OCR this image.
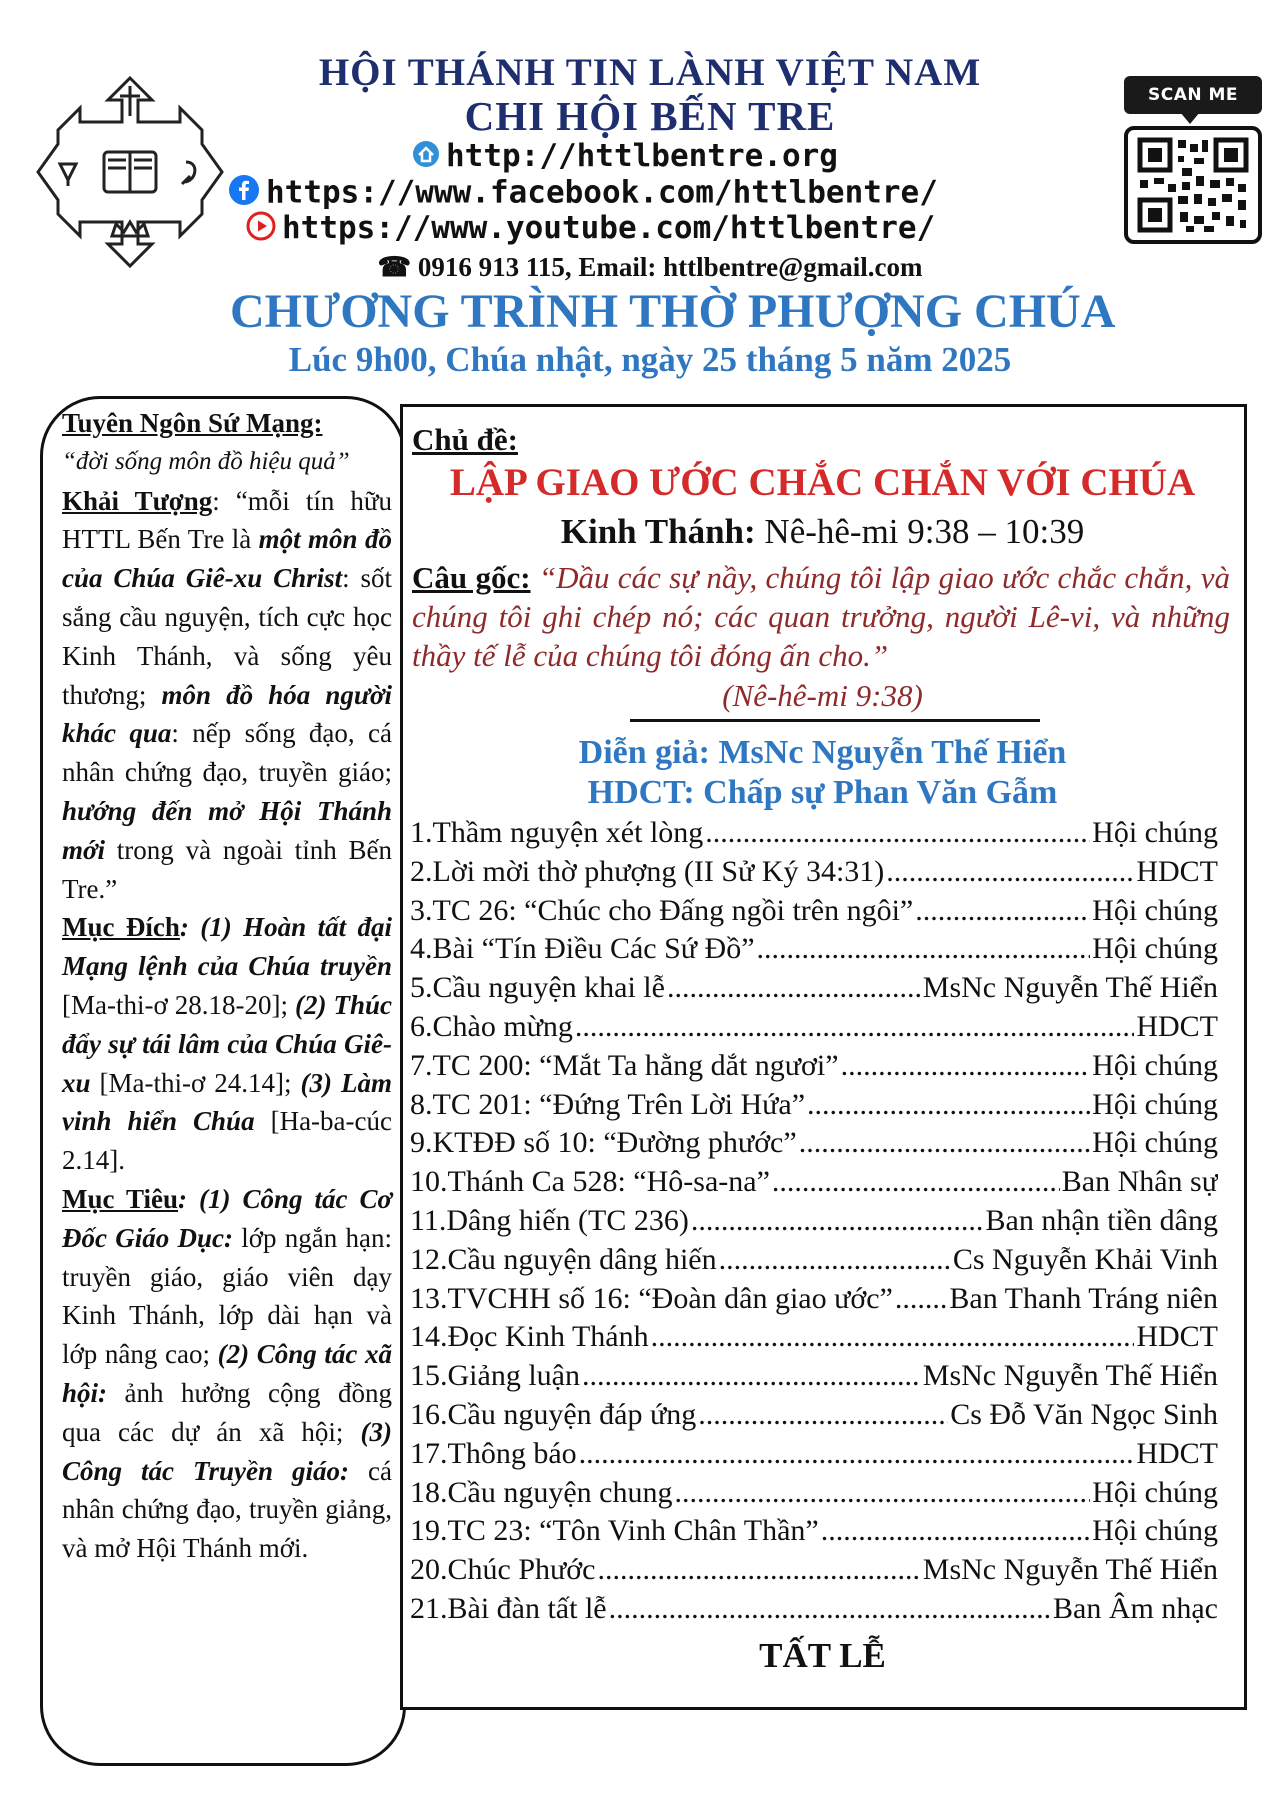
SCAN ME
HỘI THÁNH TIN LÀNH VIỆT NAM
CHI HỘI BẾN TRE
http://httlbentre.org
https://www.facebook.com/httlbentre/
https://www.youtube.com/httlbentre/
☎ 0916 913 115, Email: httlbentre@gmail.com
CHƯƠNG TRÌNH THỜ PHƯỢNG CHÚA
Lúc 9h00, Chúa nhật, ngày 25 tháng 5 năm 2025

Tuyên Ngôn Sứ Mạng:

“đời sống môn đồ hiệu quả”

Khải Tượng: “mỗi tín hữu HTTL Bến Tre là một môn đồ của Chúa Giê-xu Christ: sốt sắng cầu nguyện, tích cực học Kinh Thánh, và sống yêu thương; môn đồ hóa người khác qua: nếp sống đạo, cá nhân chứng đạo, truyền giáo; hướng đến mở Hội Thánh mới trong và ngoài tỉnh Bến Tre.”

Mục Đích: (1) Hoàn tất đại Mạng lệnh của Chúa truyền [Ma-thi-ơ 28.18-20]; (2) Thúc đẩy sự tái lâm của Chúa Giê-xu [Ma-thi-ơ 24.14]; (3) Làm vinh hiển Chúa [Ha-ba-cúc 2.14].

Mục Tiêu: (1) Công tác Cơ Đốc Giáo Dục: lớp ngắn hạn: truyền giáo, giáo viên dạy Kinh Thánh, lớp dài hạn và lớp nâng cao; (2) Công tác xã hội: ảnh hưởng cộng đồng qua các dự án xã hội; (3) Công tác Truyền giáo: cá nhân chứng đạo, truyền giảng, và mở Hội Thánh mới.

Chủ đề:
LẬP GIAO ƯỚC CHẮC CHẮN VỚI CHÚA
Kinh Thánh: Nê-hê-mi 9:38 – 10:39
Câu gốc: “Dầu các sự nầy, chúng tôi lập giao ước chắc chắn, và chúng tôi ghi chép nó; các quan trưởng, người Lê-vi, và những thầy tế lễ của chúng tôi đóng ấn cho.”
(Nê-hê-mi 9:38)
Diễn giả: MsNc Nguyễn Thế Hiển
HDCT: Chấp sự Phan Văn Gẫm
1. Thầm nguyện xét lòng .....	Hội chúng
2. Lời mời thờ phượng (II Sử Ký 34:31) .....	HDCT
3. TC 26: “Chúc cho Đấng ngồi trên ngôi” .....	Hội chúng
4. Bài “Tín Điều Các Sứ Đồ” .....	Hội chúng
5. Cầu nguyện khai lễ .....	MsNc Nguyễn Thế Hiển
6. Chào mừng .....	HDCT
7. TC 200: “Mắt Ta hằng dắt ngươi” .....	Hội chúng
8. TC 201: “Đứng Trên Lời Hứa” .....	Hội chúng
9. KTĐĐ số 10: “Đường phước” .....	Hội chúng
10. Thánh Ca 528: “Hô-sa-na” .....	Ban Nhân sự
11. Dâng hiến (TC 236) .....	Ban nhận tiền dâng
12. Cầu nguyện dâng hiến .....	Cs Nguyễn Khải Vinh
13. TVCHH số 16: “Đoàn dân giao ước” ..... Ban Thanh Tráng niên
14. Đọc Kinh Thánh .....	HDCT
15. Giảng luận .....	MsNc Nguyễn Thế Hiển
16. Cầu nguyện đáp ứng .....	Cs Đỗ Văn Ngọc Sinh
17. Thông báo .....	HDCT
18. Cầu nguyện chung .....	Hội chúng
19. TC 23: “Tôn Vinh Chân Thần” .....	Hội chúng
20. Chúc Phước .....	MsNc Nguyễn Thế Hiển
21. Bài đàn tất lễ .....	Ban Âm nhạc
TẤT LỄ
